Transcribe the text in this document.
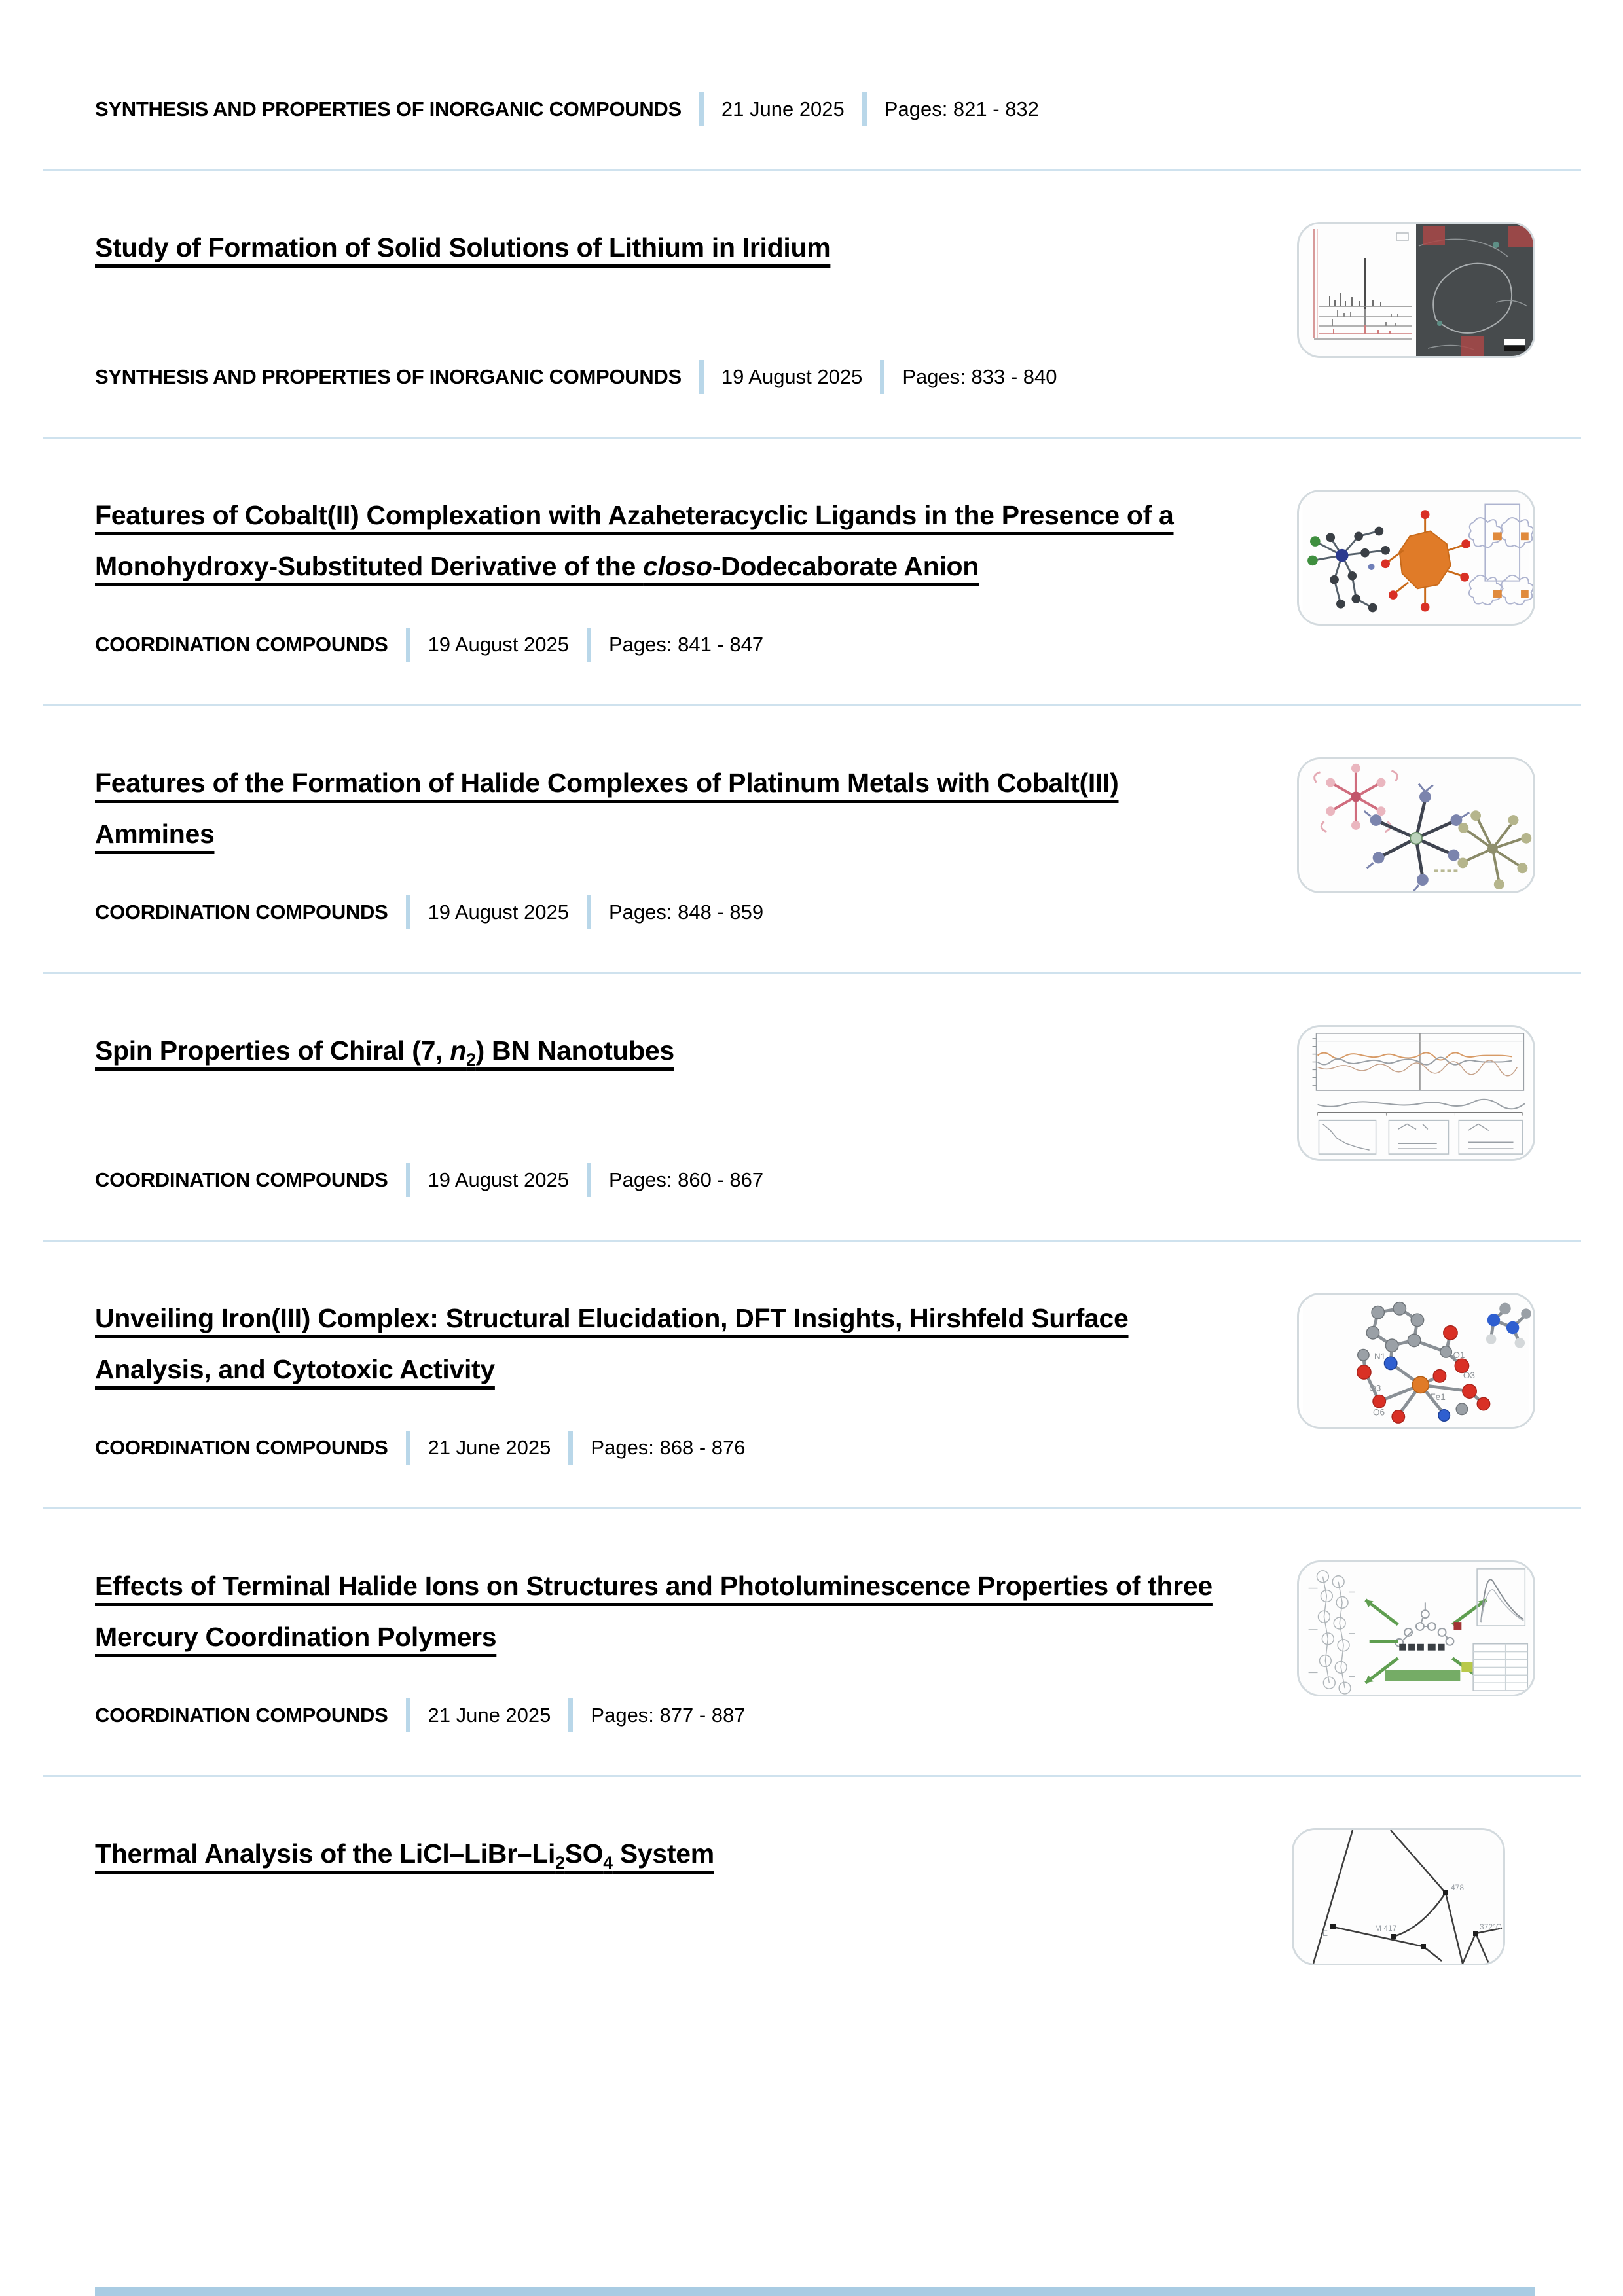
SYNTHESIS AND PROPERTIES OF INORGANIC COMPOUNDS 21 June 2025 Pages: 821 - 832
Study of Formation of Solid Solutions of Lithium in Iridium
SYNTHESIS AND PROPERTIES OF INORGANIC COMPOUNDS 19 August 2025 Pages: 833 - 840
Features of Cobalt(II) Complexation with Azaheteracyclic Ligands in the Presence of a Monohydroxy-Substituted Derivative of the closo-Dodecaborate Anion
COORDINATION COMPOUNDS 19 August 2025 Pages: 841 - 847
Features of the Formation of Halide Complexes of Platinum Metals with Cobalt(III) Ammines
COORDINATION COMPOUNDS 19 August 2025 Pages: 848 - 859
Spin Properties of Chiral (7, $n_2$) BN Nanotubes
COORDINATION COMPOUNDS 19 August 2025 Pages: 860 - 867
Unveiling Iron(III) Complex: Structural Elucidation, DFT Insights, Hirshfeld Surface Analysis, and Cytotoxic Activity	N1	O1
O3
O3
O6
Fe1
COORDINATION COMPOUNDS 21 June 2025 Pages: 868 - 876
Effects of Terminal Halide Ions on Structures and Photoluminescence Properties of three Mercury Coordination Polymers
COORDINATION COMPOUNDS 21 June 2025 Pages: 877 - 887
Thermal Analysis of the LiCl–$LiBr-Li_2SO_4$ System
478
E
M 417	372°C
